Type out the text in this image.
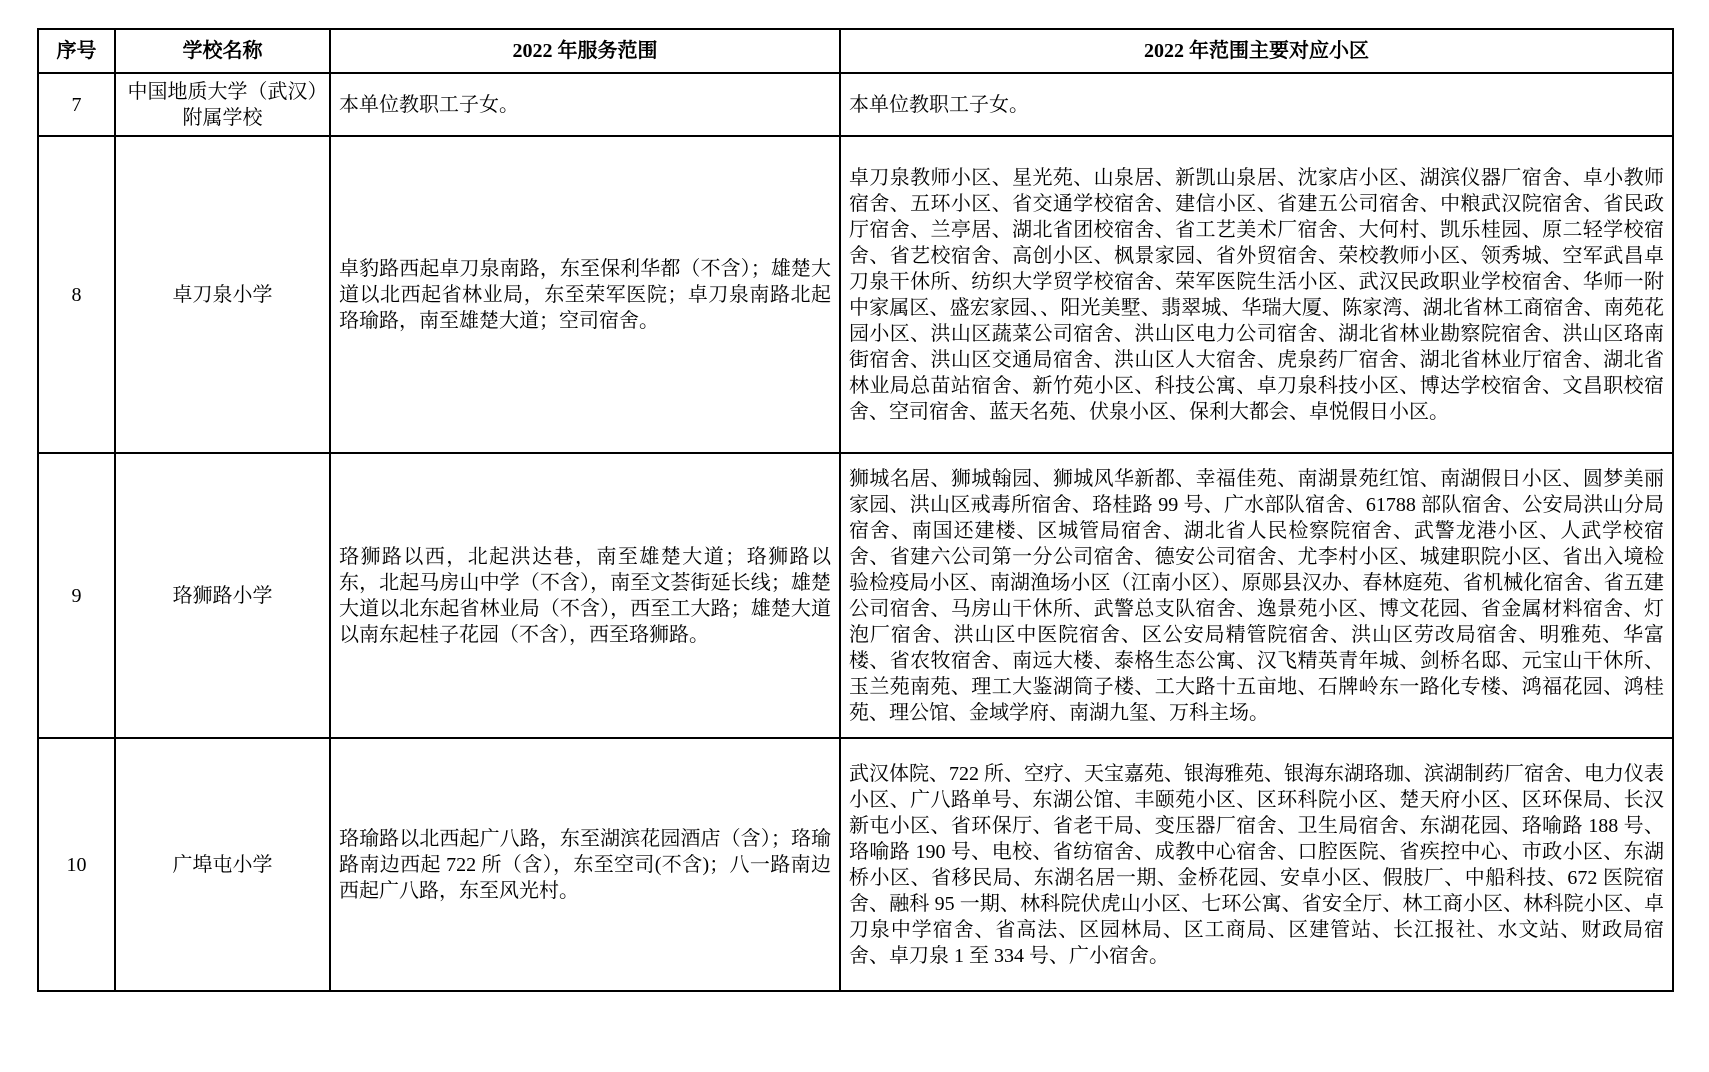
序号	学校名称	2022 年服务范围	2022 年范围主要对应小区
7	中国地质大学（武汉）附属学校	本单位教职工子女。	本单位教职工子女。
8	卓刀泉小学	卓豹路西起卓刀泉南路，东至保利华都（不含）；雄楚大道以北西起省林业局，东至荣军医院；卓刀泉南路北起珞瑜路，南至雄楚大道；空司宿舍。	卓刀泉教师小区、星光苑、山泉居、新凯山泉居、沈家店小区、湖滨仪器厂宿舍、卓小教师宿舍、五环小区、省交通学校宿舍、建信小区、省建五公司宿舍、中粮武汉院宿舍、省民政厅宿舍、兰亭居、湖北省团校宿舍、省工艺美术厂宿舍、大何村、凯乐桂园、原二轻学校宿舍、省艺校宿舍、高创小区、枫景家园、省外贸宿舍、荣校教师小区、领秀城、空军武昌卓刀泉干休所、纺织大学贸学校宿舍、荣军医院生活小区、武汉民政职业学校宿舍、华师一附中家属区、盛宏家园、、阳光美墅、翡翠城、华瑞大厦、陈家湾、湖北省林工商宿舍、南苑花园小区、洪山区蔬菜公司宿舍、洪山区电力公司宿舍、湖北省林业勘察院宿舍、洪山区珞南街宿舍、洪山区交通局宿舍、洪山区人大宿舍、虎泉药厂宿舍、湖北省林业厅宿舍、湖北省林业局总苗站宿舍、新竹苑小区、科技公寓、卓刀泉科技小区、博达学校宿舍、文昌职校宿舍、空司宿舍、蓝天名苑、伏泉小区、保利大都会、卓悦假日小区。
9	珞狮路小学	珞狮路以西，北起洪达巷，南至雄楚大道；珞狮路以东，北起马房山中学（不含），南至文荟街延长线；雄楚大道以北东起省林业局（不含），西至工大路；雄楚大道以南东起桂子花园（不含），西至珞狮路。	狮城名居、狮城翰园、狮城风华新都、幸福佳苑、南湖景苑红馆、南湖假日小区、圆梦美丽家园、洪山区戒毒所宿舍、珞桂路 99 号、广水部队宿舍、61788 部队宿舍、公安局洪山分局宿舍、南国还建楼、区城管局宿舍、湖北省人民检察院宿舍、武警龙港小区、人武学校宿舍、省建六公司第一分公司宿舍、德安公司宿舍、尤李村小区、城建职院小区、省出入境检验检疫局小区、南湖渔场小区（江南小区）、原郧县汉办、春林庭苑、省机械化宿舍、省五建公司宿舍、马房山干休所、武警总支队宿舍、逸景苑小区、博文花园、省金属材料宿舍、灯泡厂宿舍、洪山区中医院宿舍、区公安局精管院宿舍、洪山区劳改局宿舍、明雅苑、华富楼、省农牧宿舍、南远大楼、泰格生态公寓、汉飞精英青年城、剑桥名邸、元宝山干休所、玉兰苑南苑、理工大鉴湖筒子楼、工大路十五亩地、石牌岭东一路化专楼、鸿福花园、鸿桂苑、理公馆、金域学府、南湖九玺、万科主场。
10	广埠屯小学	珞瑜路以北西起广八路，东至湖滨花园酒店（含）；珞瑜路南边西起 722 所（含），东至空司(不含)；八一路南边西起广八路，东至风光村。	武汉体院、722 所、空疗、天宝嘉苑、银海雅苑、银海东湖珞珈、滨湖制药厂宿舍、电力仪表小区、广八路单号、东湖公馆、丰颐苑小区、区环科院小区、楚天府小区、区环保局、长汉新屯小区、省环保厅、省老干局、变压器厂宿舍、卫生局宿舍、东湖花园、珞喻路 188 号、珞喻路 190 号、电校、省纺宿舍、成教中心宿舍、口腔医院、省疾控中心、市政小区、东湖桥小区、省移民局、东湖名居一期、金桥花园、安卓小区、假肢厂、中船科技、672 医院宿舍、融科 95 一期、林科院伏虎山小区、七环公寓、省安全厅、林工商小区、林科院小区、卓刀泉中学宿舍、省高法、区园林局、区工商局、区建管站、长江报社、水文站、财政局宿舍、卓刀泉 1 至 334 号、广小宿舍。
